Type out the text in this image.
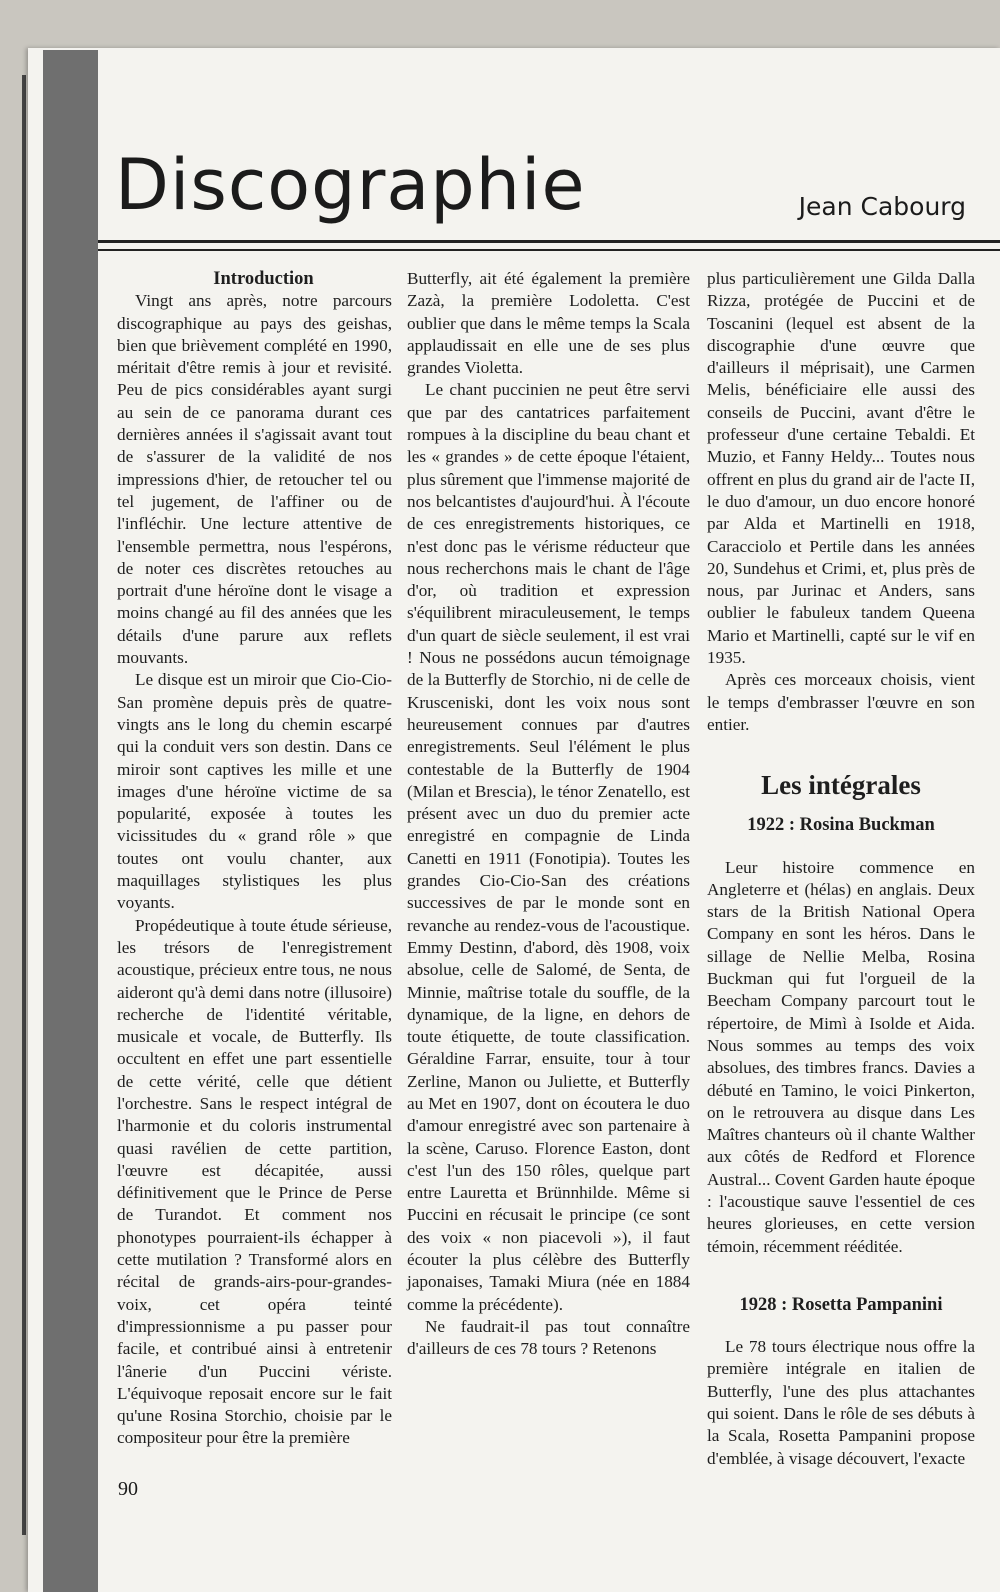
Discographie	Jean Cabourg

Introduction

Vingt ans après, notre parcours discographique au pays des geishas, bien que brièvement complété en 1990, méritait d'être remis à jour et revisité. Peu de pics considérables ayant surgi au sein de ce panorama durant ces dernières années il s'agissait avant tout de s'assurer de la validité de nos impressions d'hier, de retoucher tel ou tel jugement, de l'affiner ou de l'infléchir. Une lecture attentive de l'ensemble permettra, nous l'espérons, de noter ces discrètes retouches au portrait d'une héroïne dont le visage a moins changé au fil des années que les détails d'une parure aux reflets mouvants.

Le disque est un miroir que Cio-Cio-San promène depuis près de quatre-vingts ans le long du chemin escarpé qui la conduit vers son destin. Dans ce miroir sont captives les mille et une images d'une héroïne victime de sa popularité, exposée à toutes les vicissitudes du « grand rôle » que toutes ont voulu chanter, aux maquillages stylistiques les plus voyants.

Propédeutique à toute étude sérieuse, les trésors de l'enregistrement acoustique, précieux entre tous, ne nous aideront qu'à demi dans notre (illusoire) recherche de l'identité véritable, musicale et vocale, de Butterfly. Ils occultent en effet une part essentielle de cette vérité, celle que détient l'orchestre. Sans le respect intégral de l'harmonie et du coloris instrumental quasi ravélien de cette partition, l'œuvre est décapitée, aussi définitivement que le Prince de Perse de Turandot. Et comment nos phonotypes pourraient-ils échapper à cette mutilation ? Transformé alors en récital de grands-airs-pour-grandes-voix, cet opéra teinté d'impressionnisme a pu passer pour facile, et contribué ainsi à entretenir l'ânerie d'un Puccini vériste. L'équivoque reposait encore sur le fait qu'une Rosina Storchio, choisie par le compositeur pour être la première

Butterfly, ait été également la première Zazà, la première Lodoletta. C'est oublier que dans le même temps la Scala applaudissait en elle une de ses plus grandes Violetta.

Le chant puccinien ne peut être servi que par des cantatrices parfaitement rompues à la discipline du beau chant et les « grandes » de cette époque l'étaient, plus sûrement que l'immense majorité de nos belcantistes d'aujourd'hui. À l'écoute de ces enregistrements historiques, ce n'est donc pas le vérisme réducteur que nous recherchons mais le chant de l'âge d'or, où tradition et expression s'équilibrent miraculeusement, le temps d'un quart de siècle seulement, il est vrai ! Nous ne possédons aucun témoignage de la Butterfly de Storchio, ni de celle de Krusceniski, dont les voix nous sont heureusement connues par d'autres enregistrements. Seul l'élément le plus contestable de la Butterfly de 1904 (Milan et Brescia), le ténor Zenatello, est présent avec un duo du premier acte enregistré en compagnie de Linda Canetti en 1911 (Fonotipia). Toutes les grandes Cio-Cio-San des créations successives de par le monde sont en revanche au rendez-vous de l'acoustique. Emmy Destinn, d'abord, dès 1908, voix absolue, celle de Salomé, de Senta, de Minnie, maîtrise totale du souffle, de la dynamique, de la ligne, en dehors de toute étiquette, de toute classification. Géraldine Farrar, ensuite, tour à tour Zerline, Manon ou Juliette, et Butterfly au Met en 1907, dont on écoutera le duo d'amour enregistré avec son partenaire à la scène, Caruso. Florence Easton, dont c'est l'un des 150 rôles, quelque part entre Lauretta et Brünnhilde. Même si Puccini en récusait le principe (ce sont des voix « non piacevoli »), il faut écouter la plus célèbre des Butterfly japonaises, Tamaki Miura (née en 1884 comme la précédente).

Ne faudrait-il pas tout connaître d'ailleurs de ces 78 tours ? Retenons

plus particulièrement une Gilda Dalla Rizza, protégée de Puccini et de Toscanini (lequel est absent de la discographie d'une œuvre que d'ailleurs il méprisait), une Carmen Melis, bénéficiaire elle aussi des conseils de Puccini, avant d'être le professeur d'une certaine Tebaldi. Et Muzio, et Fanny Heldy... Toutes nous offrent en plus du grand air de l'acte II, le duo d'amour, un duo encore honoré par Alda et Martinelli en 1918, Caracciolo et Pertile dans les années 20, Sundehus et Crimi, et, plus près de nous, par Jurinac et Anders, sans oublier le fabuleux tandem Queena Mario et Martinelli, capté sur le vif en 1935.

Après ces morceaux choisis, vient le temps d'embrasser l'œuvre en son entier.

Les intégrales
1922 : Rosina Buckman

Leur histoire commence en Angleterre et (hélas) en anglais. Deux stars de la British National Opera Company en sont les héros. Dans le sillage de Nellie Melba, Rosina Buckman qui fut l'orgueil de la Beecham Company parcourt tout le répertoire, de Mimì à Isolde et Aida. Nous sommes au temps des voix absolues, des timbres francs. Davies a débuté en Tamino, le voici Pinkerton, on le retrouvera au disque dans Les Maîtres chanteurs où il chante Walther aux côtés de Redford et Florence Austral... Covent Garden haute époque : l'acoustique sauve l'essentiel de ces heures glorieuses, en cette version témoin, récemment rééditée.

1928 : Rosetta Pampanini

Le 78 tours électrique nous offre la première intégrale en italien de Butterfly, l'une des plus attachantes qui soient. Dans le rôle de ses débuts à la Scala, Rosetta Pampanini propose d'emblée, à visage découvert, l'exacte

90
